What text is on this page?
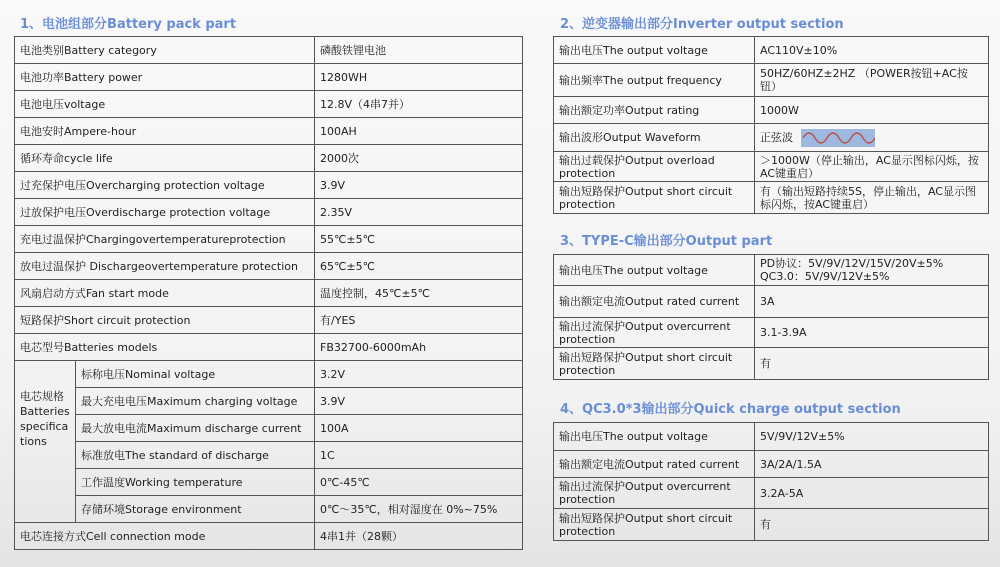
1、电池组部分Battery pack part
电池类别Battery category		磷酸铁锂电池
电池功率Battery power		1280WH
电池电压voltage		12.8V（4串7并）
电池安时Ampere-hour		100AH
循环寿命cycle life		2000次
过充保护电压Overcharging protection voltage		3.9V
过放保护电压Overdischarge protection voltage		2.35V
充电过温保护Chargingovertemperatureprotection		55℃±5℃
放电过温保护 Dischargeovertemperature protection		65℃±5℃
风扇启动方式Fan start mode		温度控制，45℃±5℃
短路保护Short circuit protection		有/YES
电芯型号Batteries models		FB32700-6000mAh
电芯规格Batteries specifications	标称电压Nominal voltage	3.2V
	最大充电电压Maximum charging voltage	3.9V
	最大放电电流Maximum discharge current	100A
	标准放电The standard of discharge	1C
	工作温度Working temperature	0℃-45℃
	存储环境Storage environment	0℃～35℃，相对湿度在 0%~75%
电芯连接方式Cell connection mode		4串1并（28颗）
2、逆变器输出部分Inverter output section
输出电压The output voltage	AC110V±10%
输出频率The output frequency	50HZ/60HZ±2HZ （POWER按钮+AC按钮）
输出额定功率Output rating	1000W
输出波形Output Waveform	正弦波
输出过载保护Output overload protection	＞1000W（停止输出，AC显示图标闪烁，按AC键重启）
输出短路保护Output short circuit protection	有（输出短路持续5S，停止输出，AC显示图标闪烁，按AC键重启）
3、TYPE-C输出部分Output part
输出电压The output voltage	PD协议：5V/9V/12V/15V/20V±5%
QC3.0：5V/9V/12V±5%

输出额定电流Output rated current	3A
输出过流保护Output overcurrent protection	3.1-3.9A
输出短路保护Output short circuit protection	有
4、QC3.0*3输出部分Quick charge output section
输出电压The output voltage	5V/9V/12V±5%
输出额定电流Output rated current	3A/2A/1.5A
输出过流保护Output overcurrent protection	3.2A-5A
输出短路保护Output short circuit protection	有
